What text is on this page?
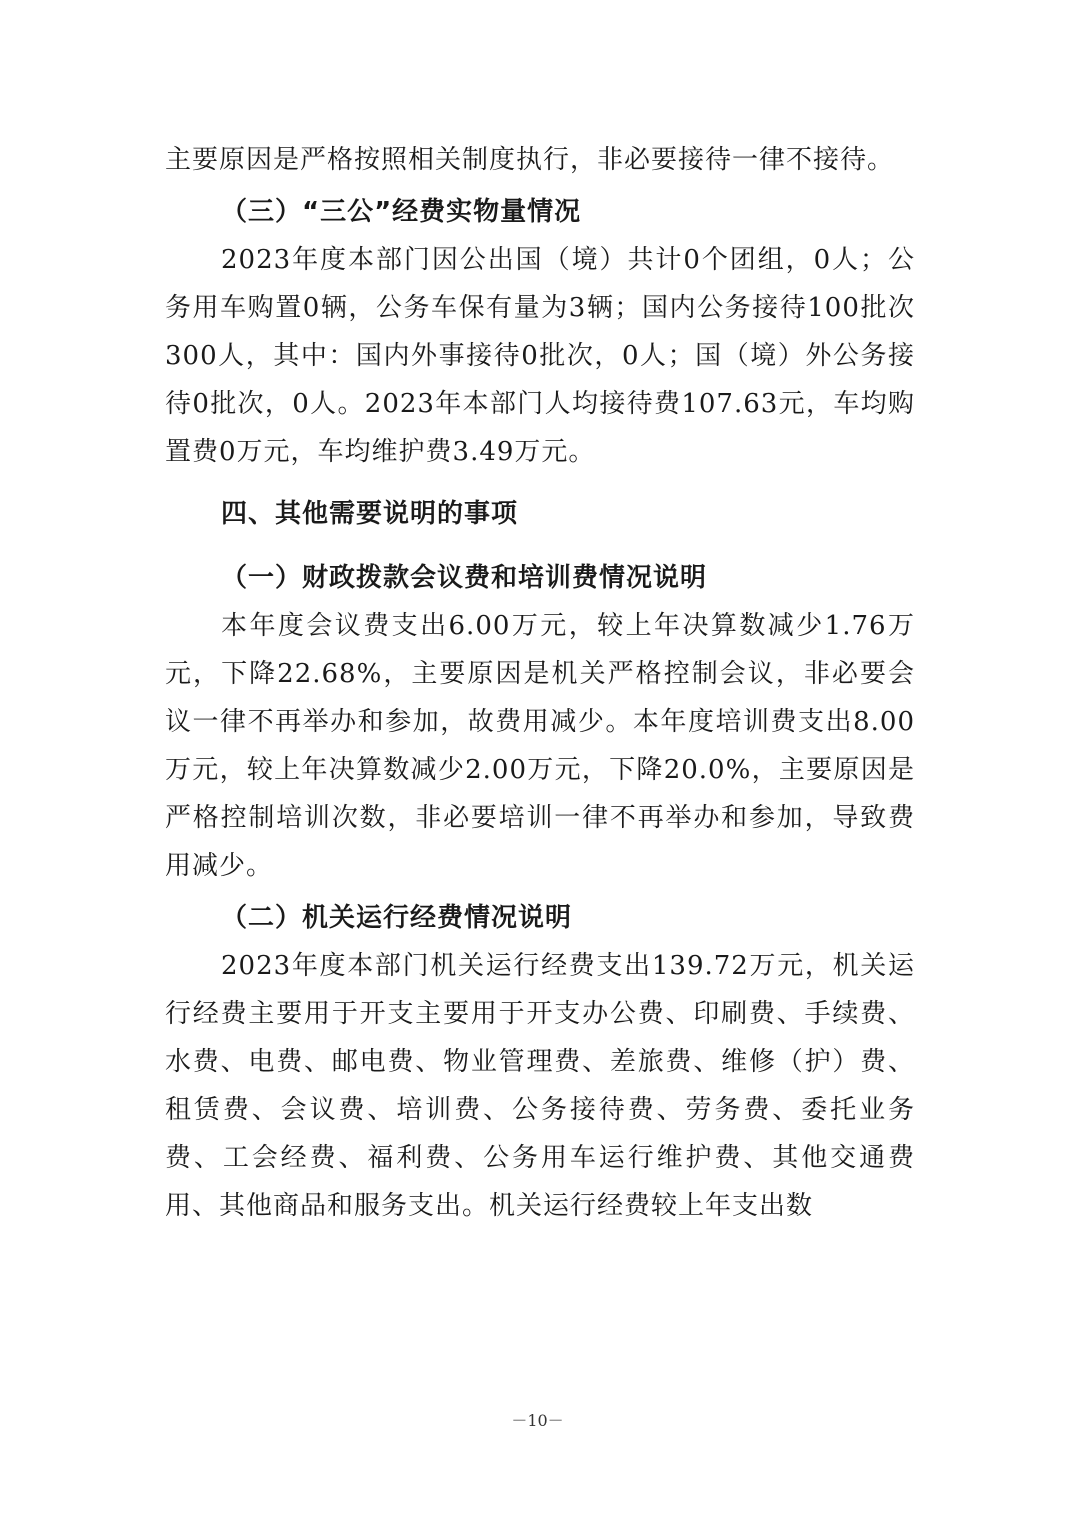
主要原因是严格按照相关制度执行，非必要接待一律不接待。

（三）“三公”经费实物量情况

2023年度本部门因公出国（境）共计0个团组，0人；公务用车购置0辆，公务车保有量为3辆；国内公务接待100批次300人，其中：国内外事接待0批次，0人；国（境）外公务接待0批次，0人。2023年本部门人均接待费107.63元，车均购置费0万元，车均维护费3.49万元。

四、其他需要说明的事项

（一）财政拨款会议费和培训费情况说明

本年度会议费支出6.00万元，较上年决算数减少1.76万元，下降22.68%，主要原因是机关严格控制会议，非必要会议一律不再举办和参加，故费用减少。本年度培训费支出8.00万元，较上年决算数减少2.00万元，下降20.0%，主要原因是严格控制培训次数，非必要培训一律不再举办和参加，导致费用减少。

（二）机关运行经费情况说明

2023年度本部门机关运行经费支出139.72万元，机关运行经费主要用于开支主要用于开支办公费、印刷费、手续费、水费、电费、邮电费、物业管理费、差旅费、维修（护）费、租赁费、会议费、培训费、公务接待费、劳务费、委托业务费、工会经费、福利费、公务用车运行维护费、其他交通费用、其他商品和服务支出。机关运行经费较上年支出数

－10－
